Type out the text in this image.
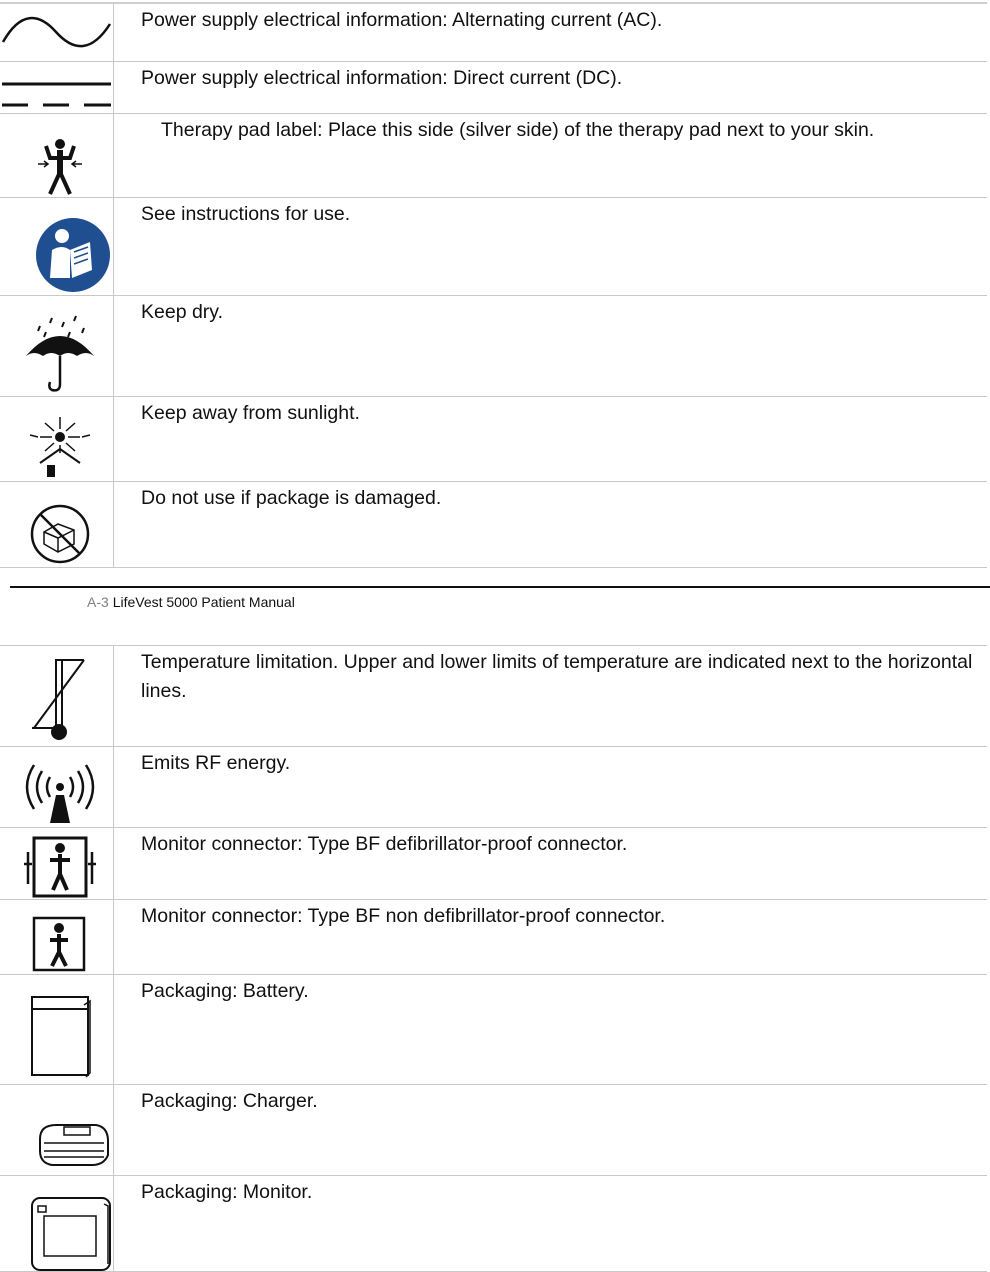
	Power supply electrical information: Alternating current (AC).

	Power supply electrical information: Direct current (DC).

	Therapy pad label: Place this side (silver side) of the therapy pad next to your skin.

	See instructions for use.

	Keep dry.

	Keep away from sunlight.

	Do not use if package is damaged.
A-3 LifeVest 5000 Patient Manual
	Temperature limitation. Upper and lower limits of temperature are indicated next to the horizontal lines.

	Emits RF energy.

	Monitor connector: Type BF defibrillator-proof connector.

	Monitor connector: Type BF non defibrillator-proof connector.

	Packaging: Battery.

	Packaging: Charger.

	Packaging: Monitor.
